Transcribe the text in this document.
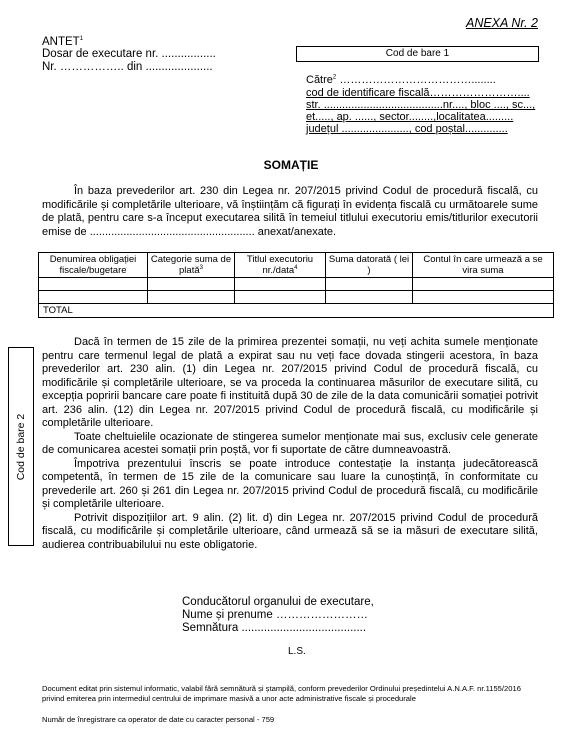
ANEXA Nr. 2
ANTET$^1$
Dosar de executare nr. .................
Nr. …………….. din .....................
Cod de bare 1
Către$^2$ ………………………………........
cod de identificare fiscală……………………....
str. .......................................nr...., bloc ...., sc...,
et....., ap. ......, sector........,localitatea.........
județul ......................, cod poștal..............
SOMAȚIE

În baza prevederilor art. 230 din Legea nr. 207/2015 privind Codul de procedură fiscală, cu modificările și completările ulterioare, vă înștiințăm că figurați în evidența fiscală cu următoarele sume de plată, pentru care s-a început executarea silită în temeiul titlului executoriu emis/titlurilor executorii emise de ...................................................... anexat/anexate.

Denumirea obligației fiscale/bugetare	Categorie suma de plată$^3$	Titlul executoriu nr./data$^4$	Suma datorată ( lei )	Contul în care urmează a se vira suma

TOTAL				
Cod de bare 2

Dacă în termen de 15 zile de la primirea prezentei somații, nu veți achita sumele menționate pentru care termenul legal de plată a expirat sau nu veți face dovada stingerii acestora, în baza prevederilor art. 230 alin. (1) din Legea nr. 207/2015 privind Codul de procedură fiscală, cu modificările și completările ulterioare, se va proceda la continuarea măsurilor de executare silită, cu excepția popririi bancare care poate fi instituită după 30 de zile de la data comunicării somației potrivit art. 236 alin. (12) din Legea nr. 207/2015 privind Codul de procedură fiscală, cu modificările și completările ulterioare.

Toate cheltuielile ocazionate de stingerea sumelor menționate mai sus, exclusiv cele generate de comunicarea acestei somații prin poștă, vor fi suportate de către dumneavoastră.

Împotriva prezentului înscris se poate introduce contestație la instanța judecătorească competentă, în termen de 15 zile de la comunicare sau luare la cunoștință, în conformitate cu prevederile art. 260 și 261 din Legea nr. 207/2015 privind Codul de procedură fiscală, cu modificările și completările ulterioare.

Potrivit dispozițiilor art. 9 alin. (2) lit. d) din Legea nr. 207/2015 privind Codul de procedură fiscală, cu modificările și completările ulterioare, când urmează să se ia măsuri de executare silită, audierea contribuabilului nu este obligatorie.

Conducătorul organului de executare,
Nume și prenume ……………………
Semnătura .......................................
L.S.
Document editat prin sistemul informatic, valabil fără semnătură și ștampilă, conform prevederilor Ordinului președintelui A.N.A.F. nr.1155/2016 privind emiterea prin intermediul centrului de imprimare masivă a unor acte administrative fiscale și procedurale
Număr de înregistrare ca operator de date cu caracter personal - 759
